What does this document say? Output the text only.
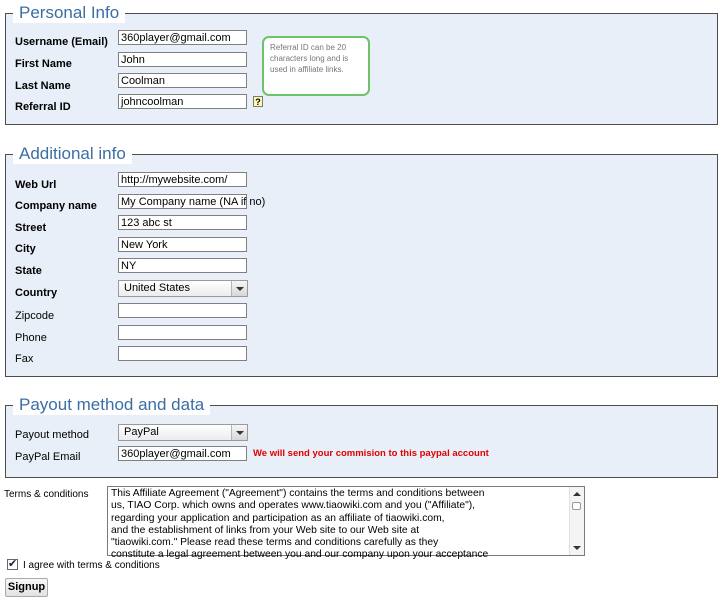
Personal Info
Username (Email) 360player@gmail.com
First Name	John
Last Name	Coolman
Referral ID	johncoolman
Referral ID can be 20 characters long and is used in affiliate links.
?
Additional info
Web Url	http://mywebsite.com/
Company name My Company name (NA if no)
Street	123 abc st
City	New York
State	NY
Country	United States
Zipcode
Phone
Fax
Payout method and data
Payout method	PayPal
PayPal Email	360player@gmail.com	We will send your commision to this paypal account
Terms & conditions This Affiliate Agreement ("Agreement") contains the terms and conditions between
us, TIAO Corp. which owns and operates www.tiaowiki.com and you ("Affiliate"),
regarding your application and participation as an affiliate of tiaowiki.com,
and the establishment of links from your Web site to our Web site at
"tiaowiki.com." Please read these terms and conditions carefully as they
constitute a legal agreement between you and our company upon your acceptance
✔
I agree with terms & conditions
Signup
